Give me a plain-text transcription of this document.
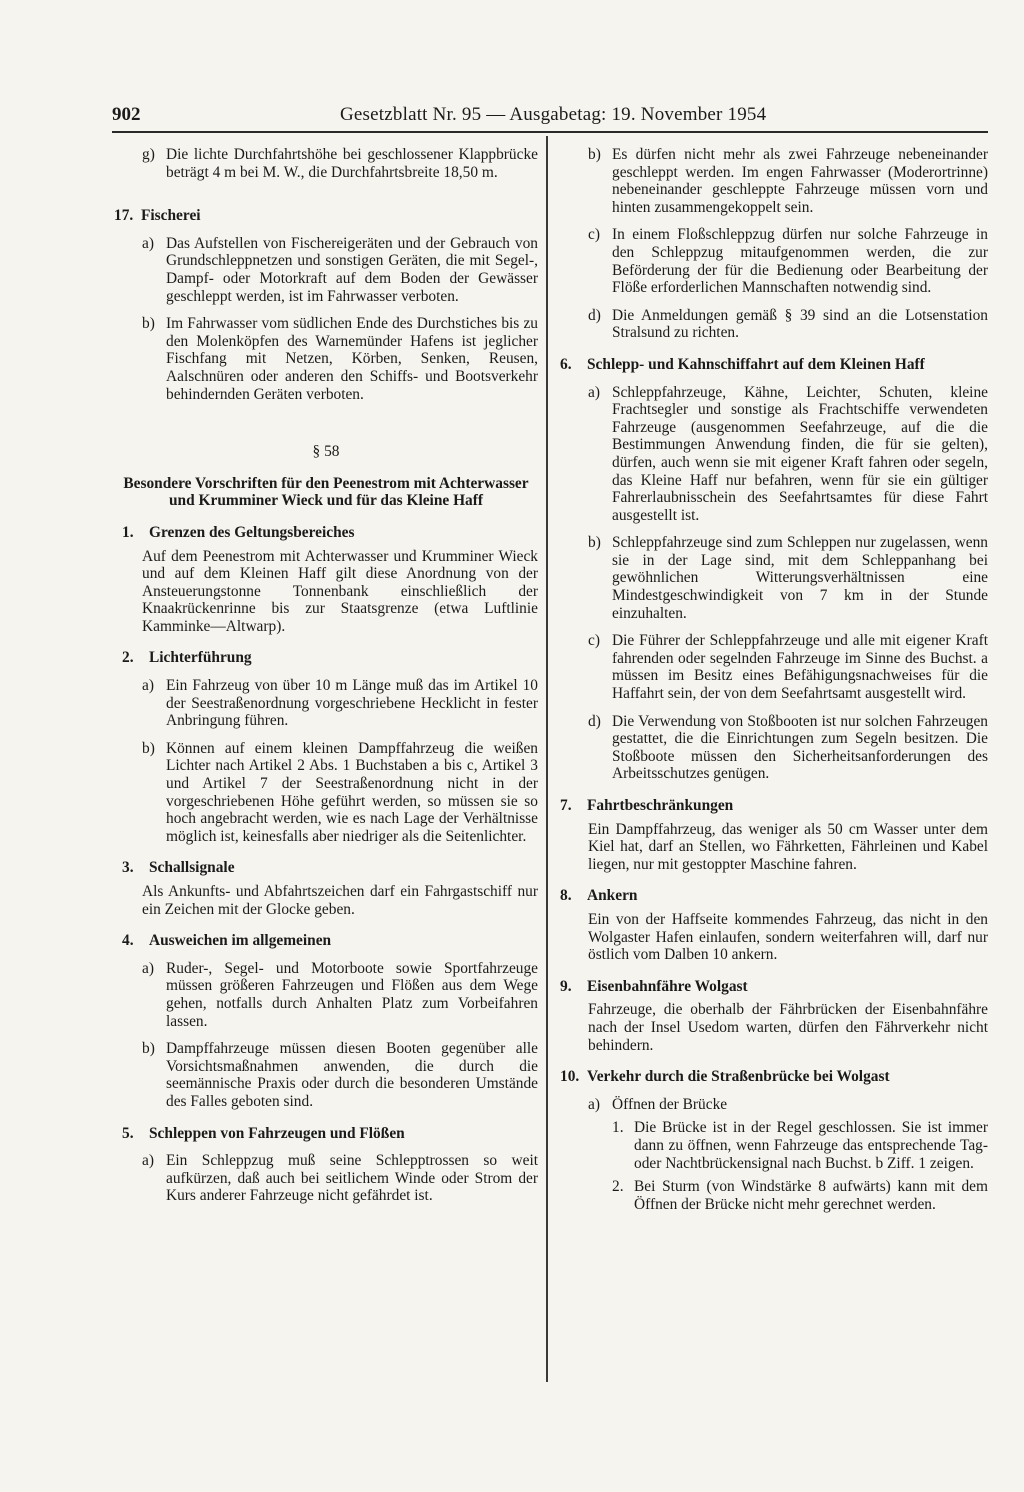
902	Gesetzblatt Nr. 95 — Ausgabetag: 19. November 1954
g) Die lichte Durchfahrtshöhe bei geschlossener Klappbrücke beträgt 4 m bei M. W., die Durchfahrtsbreite 18,50 m.
17. Fischerei
a) Das Aufstellen von Fischereigeräten und der Gebrauch von Grundschleppnetzen und sonstigen Geräten, die mit Segel-, Dampf- oder Motorkraft auf dem Boden der Gewässer geschleppt werden, ist im Fahrwasser verboten.
b) Im Fahrwasser vom südlichen Ende des Durchstiches bis zu den Molenköpfen des Warnemünder Hafens ist jeglicher Fischfang mit Netzen, Körben, Senken, Reusen, Aalschnüren oder anderen den Schiffs- und Bootsverkehr behindernden Geräten verboten.
§ 58
Besondere Vorschriften für den Peenestrom mit Achterwasser und Krumminer Wieck und für das Kleine Haff
1. Grenzen des Geltungsbereiches
Auf dem Peenestrom mit Achterwasser und Krumminer Wieck und auf dem Kleinen Haff gilt diese Anordnung von der Ansteuerungstonne Tonnenbank einschließlich der Knaakrückenrinne bis zur Staatsgrenze (etwa Luftlinie Kamminke—Altwarp).
2. Lichterführung
a) Ein Fahrzeug von über 10 m Länge muß das im Artikel 10 der Seestraßenordnung vorgeschriebene Hecklicht in fester Anbringung führen.
b) Können auf einem kleinen Dampffahrzeug die weißen Lichter nach Artikel 2 Abs. 1 Buchstaben a bis c, Artikel 3 und Artikel 7 der Seestraßenordnung nicht in der vorgeschriebenen Höhe geführt werden, so müssen sie so hoch angebracht werden, wie es nach Lage der Verhältnisse möglich ist, keinesfalls aber niedriger als die Seitenlichter.
3. Schallsignale
Als Ankunfts- und Abfahrtszeichen darf ein Fahrgastschiff nur ein Zeichen mit der Glocke geben.
4. Ausweichen im allgemeinen
a) Ruder-, Segel- und Motorboote sowie Sportfahrzeuge müssen größeren Fahrzeugen und Flößen aus dem Wege gehen, notfalls durch Anhalten Platz zum Vorbeifahren lassen.
b) Dampffahrzeuge müssen diesen Booten gegenüber alle Vorsichtsmaßnahmen anwenden, die durch die seemännische Praxis oder durch die besonderen Umstände des Falles geboten sind.
5. Schleppen von Fahrzeugen und Flößen
a) Ein Schleppzug muß seine Schlepptrossen so weit aufkürzen, daß auch bei seitlichem Winde oder Strom der Kurs anderer Fahrzeuge nicht gefährdet ist.
b) Es dürfen nicht mehr als zwei Fahrzeuge nebeneinander geschleppt werden. Im engen Fahrwasser (Moderortrinne) nebeneinander geschleppte Fahrzeuge müssen vorn und hinten zusammengekoppelt sein.
c) In einem Floßschleppzug dürfen nur solche Fahrzeuge in den Schleppzug mitaufgenommen werden, die zur Beförderung der für die Bedienung oder Bearbeitung der Flöße erforderlichen Mannschaften notwendig sind.
d) Die Anmeldungen gemäß § 39 sind an die Lotsenstation Stralsund zu richten.
6. Schlepp- und Kahnschiffahrt auf dem Kleinen Haff
a) Schleppfahrzeuge, Kähne, Leichter, Schuten, kleine Frachtsegler und sonstige als Frachtschiffe verwendeten Fahrzeuge (ausgenommen Seefahrzeuge, auf die die Bestimmungen Anwendung finden, die für sie gelten), dürfen, auch wenn sie mit eigener Kraft fahren oder segeln, das Kleine Haff nur befahren, wenn für sie ein gültiger Fahrerlaubnisschein des Seefahrtsamtes für diese Fahrt ausgestellt ist.
b) Schleppfahrzeuge sind zum Schleppen nur zugelassen, wenn sie in der Lage sind, mit dem Schleppanhang bei gewöhnlichen Witterungsverhältnissen eine Mindestgeschwindigkeit von 7 km in der Stunde einzuhalten.
c) Die Führer der Schleppfahrzeuge und alle mit eigener Kraft fahrenden oder segelnden Fahrzeuge im Sinne des Buchst. a müssen im Besitz eines Befähigungsnachweises für die Haffahrt sein, der von dem Seefahrtsamt ausgestellt wird.
d) Die Verwendung von Stoßbooten ist nur solchen Fahrzeugen gestattet, die die Einrichtungen zum Segeln besitzen. Die Stoßboote müssen den Sicherheitsanforderungen des Arbeitsschutzes genügen.
7. Fahrtbeschränkungen
Ein Dampffahrzeug, das weniger als 50 cm Wasser unter dem Kiel hat, darf an Stellen, wo Fährketten, Fährleinen und Kabel liegen, nur mit gestoppter Maschine fahren.
8. Ankern
Ein von der Haffseite kommendes Fahrzeug, das nicht in den Wolgaster Hafen einlaufen, sondern weiterfahren will, darf nur östlich vom Dalben 10 ankern.
9. Eisenbahnfähre Wolgast
Fahrzeuge, die oberhalb der Fährbrücken der Eisenbahnfähre nach der Insel Usedom warten, dürfen den Fährverkehr nicht behindern.
10. Verkehr durch die Straßenbrücke bei Wolgast
a) Öffnen der Brücke
1. Die Brücke ist in der Regel geschlossen. Sie ist immer dann zu öffnen, wenn Fahrzeuge das entsprechende Tag- oder Nachtbrückensignal nach Buchst. b Ziff. 1 zeigen.
2. Bei Sturm (von Windstärke 8 aufwärts) kann mit dem Öffnen der Brücke nicht mehr gerechnet werden.
